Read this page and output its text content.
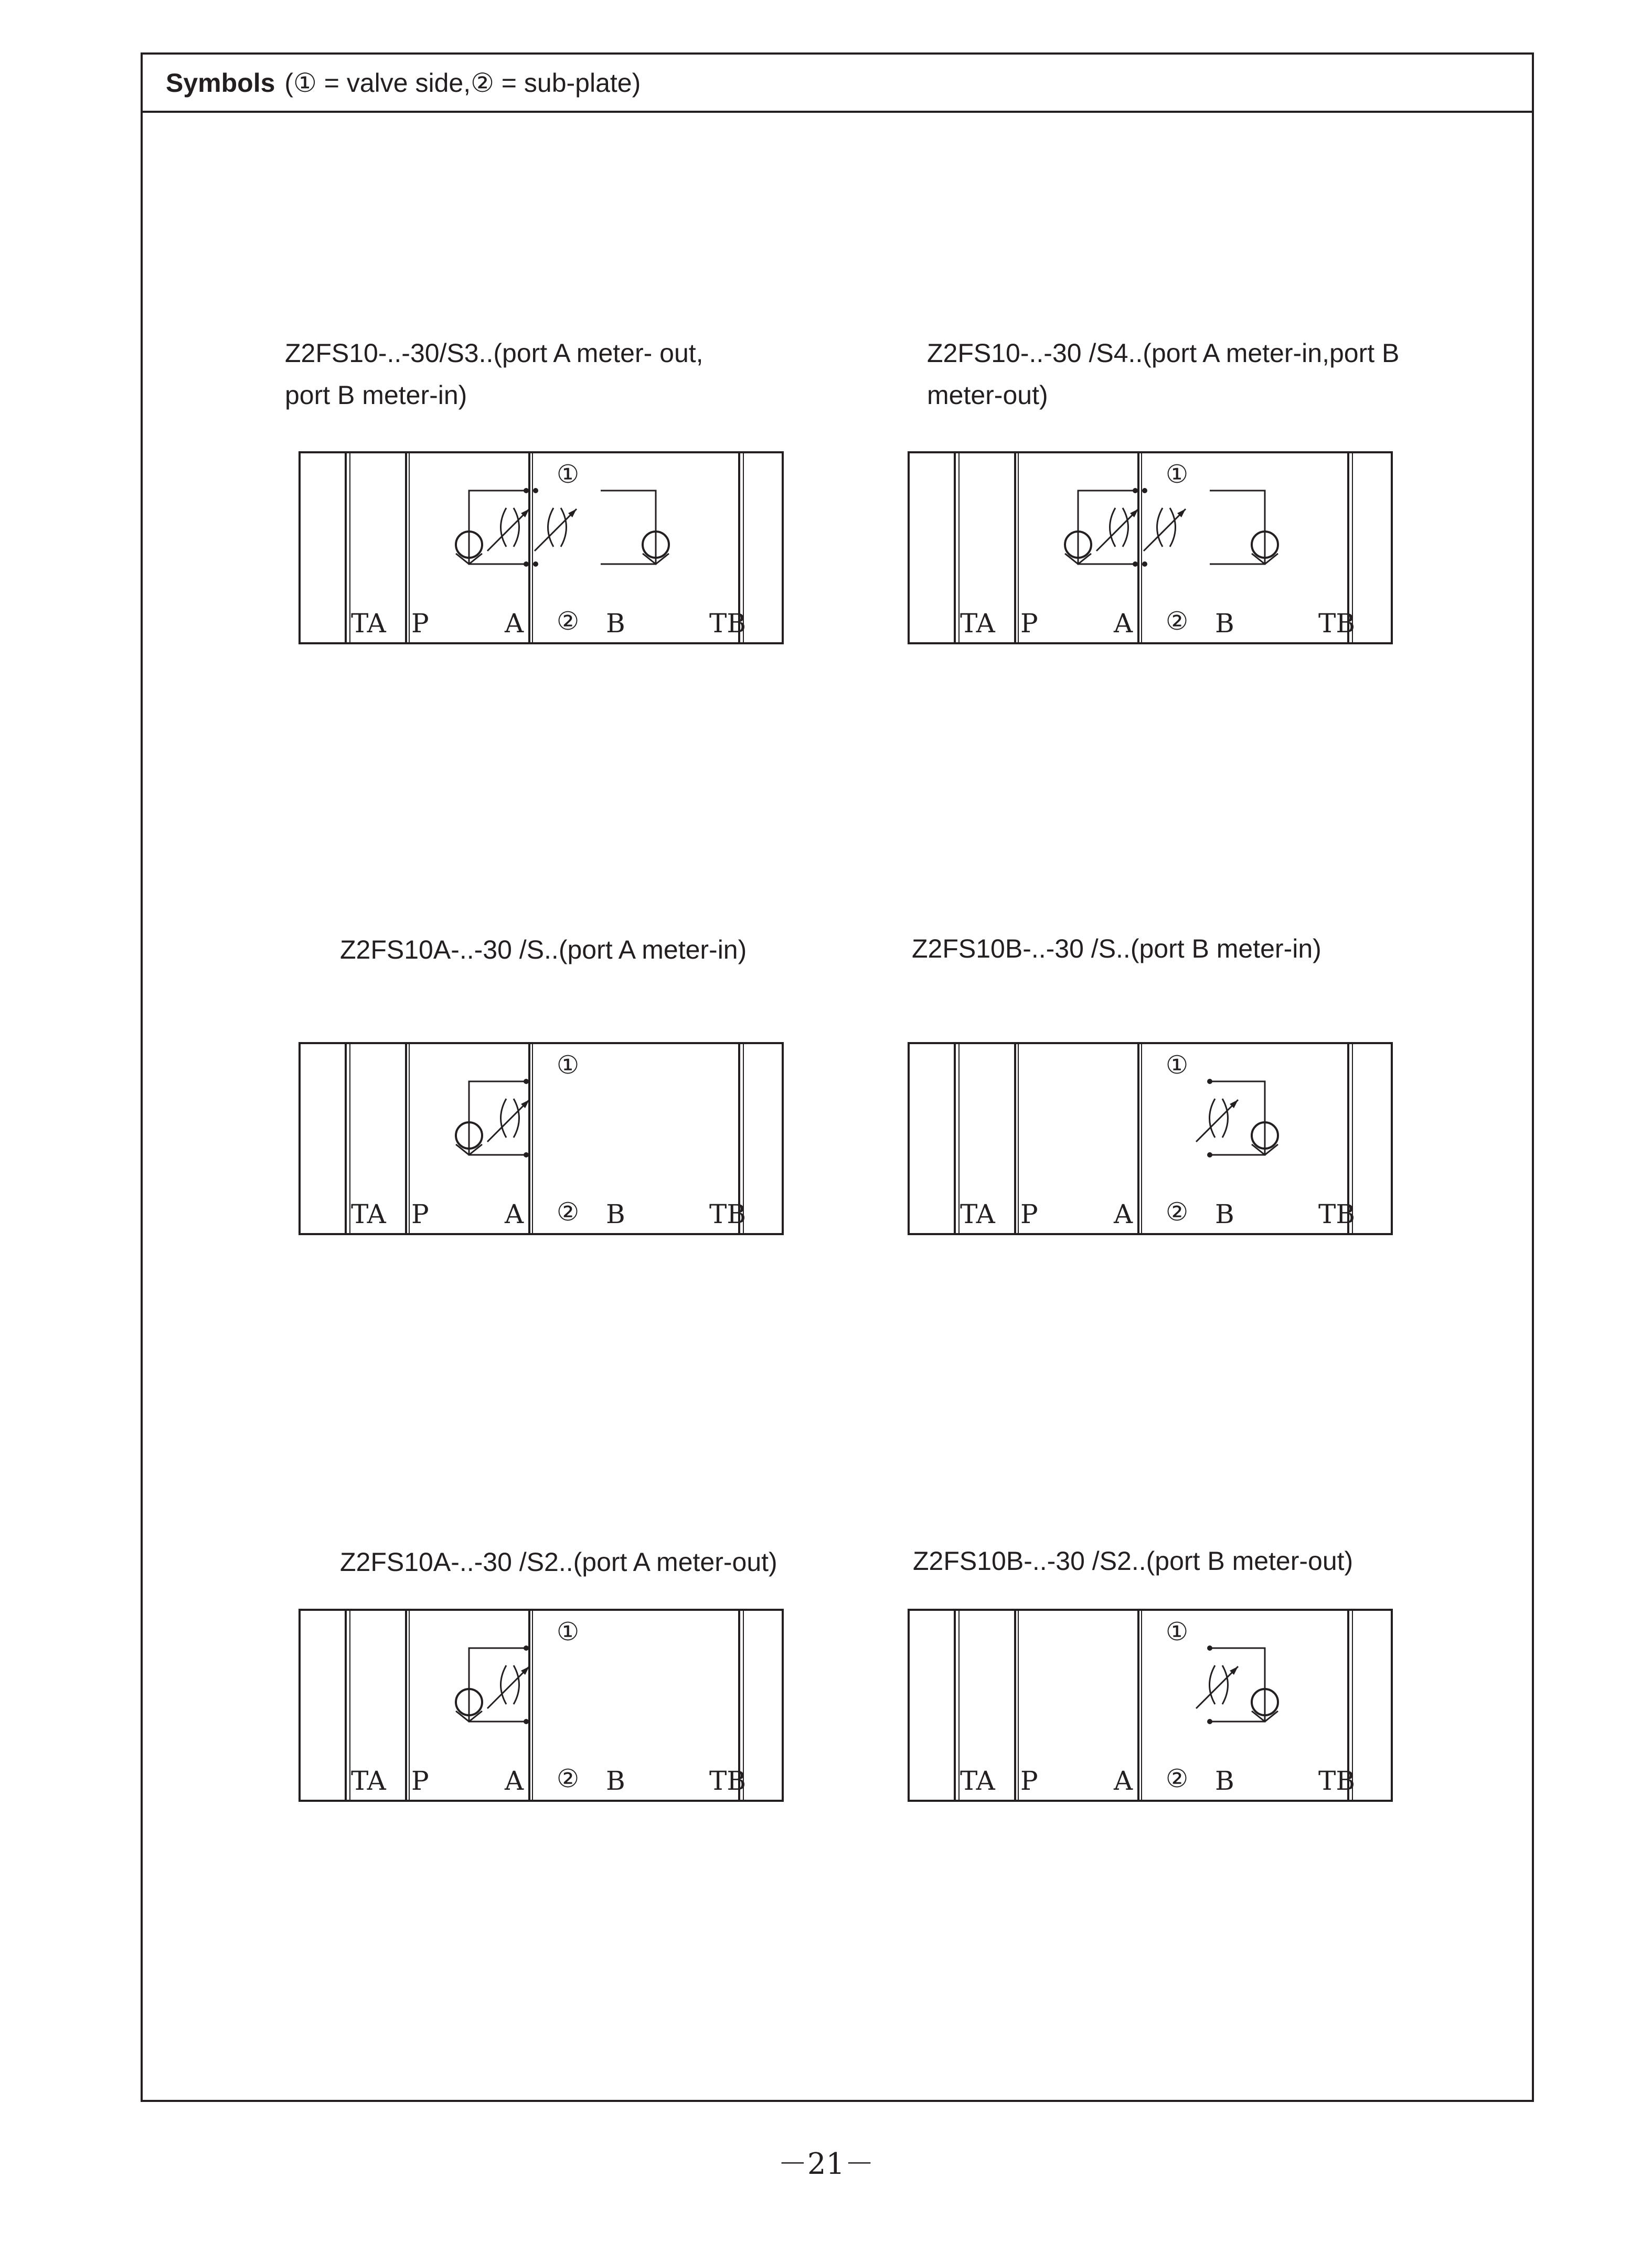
Symbols (① = valve side,② = sub-plate)
Z2FS10-..-30/S3..(port A meter- out,
port B meter-in)
Z2FS10-..-30 /S4..(port A meter-in,port B
meter-out)
Z2FS10A-..-30 /S..(port A meter-in)	Z2FS10B-..-30 /S..(port B meter-in)
Z2FS10A-..-30 /S2..(port A meter-out)	Z2FS10B-..-30 /S2..(port B meter-out)
①
②
TA P	A	B	TB
①
②
TA P	A	B	TB
①
②
TA P	A	B	TB
①
②
TA P	A	B	TB
①
②
TA P	A	B	TB
①
②
TA P	A	B	TB
－21－
